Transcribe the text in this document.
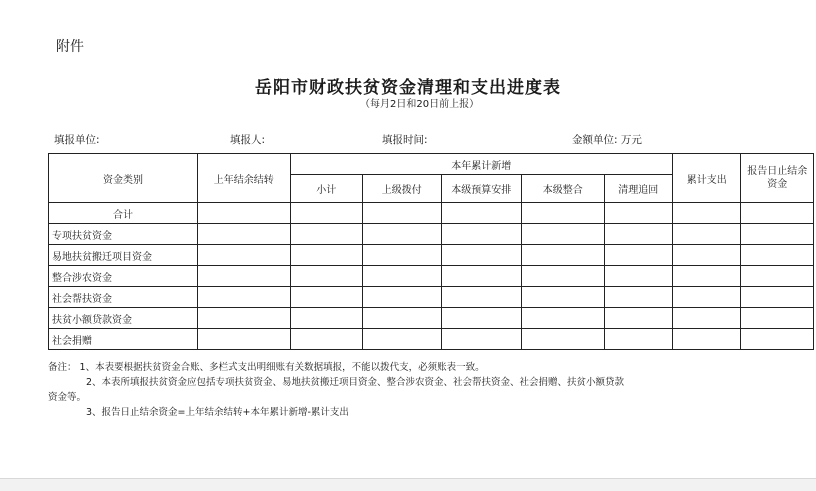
附件
岳阳市财政扶贫资金清理和支出进度表
（每月2日和20日前上报）
填报单位:	填报人:	填报时间:	金额单位: 万元
资金类别	上年结余结转	本年累计新增					累计支出	报告日止结余资金
		小计	上级拨付	本级预算安排	本级整合	清理追回		
合计								
专项扶贫资金								
易地扶贫搬迁项目资金								
整合涉农资金								
社会帮扶资金								
扶贫小额贷款资金								
社会捐赠								
备注： 1、本表要根据扶贫资金合账、多栏式支出明细账有关数据填报，不能以拨代支，必须账表一致。
2、本表所填报扶贫资金应包括专项扶贫资金、易地扶贫搬迁项目资金、整合涉农资金、社会帮扶资金、社会捐赠、扶贫小额贷款
资金等。
3、报告日止结余资金=上年结余结转+本年累计新增-累计支出
